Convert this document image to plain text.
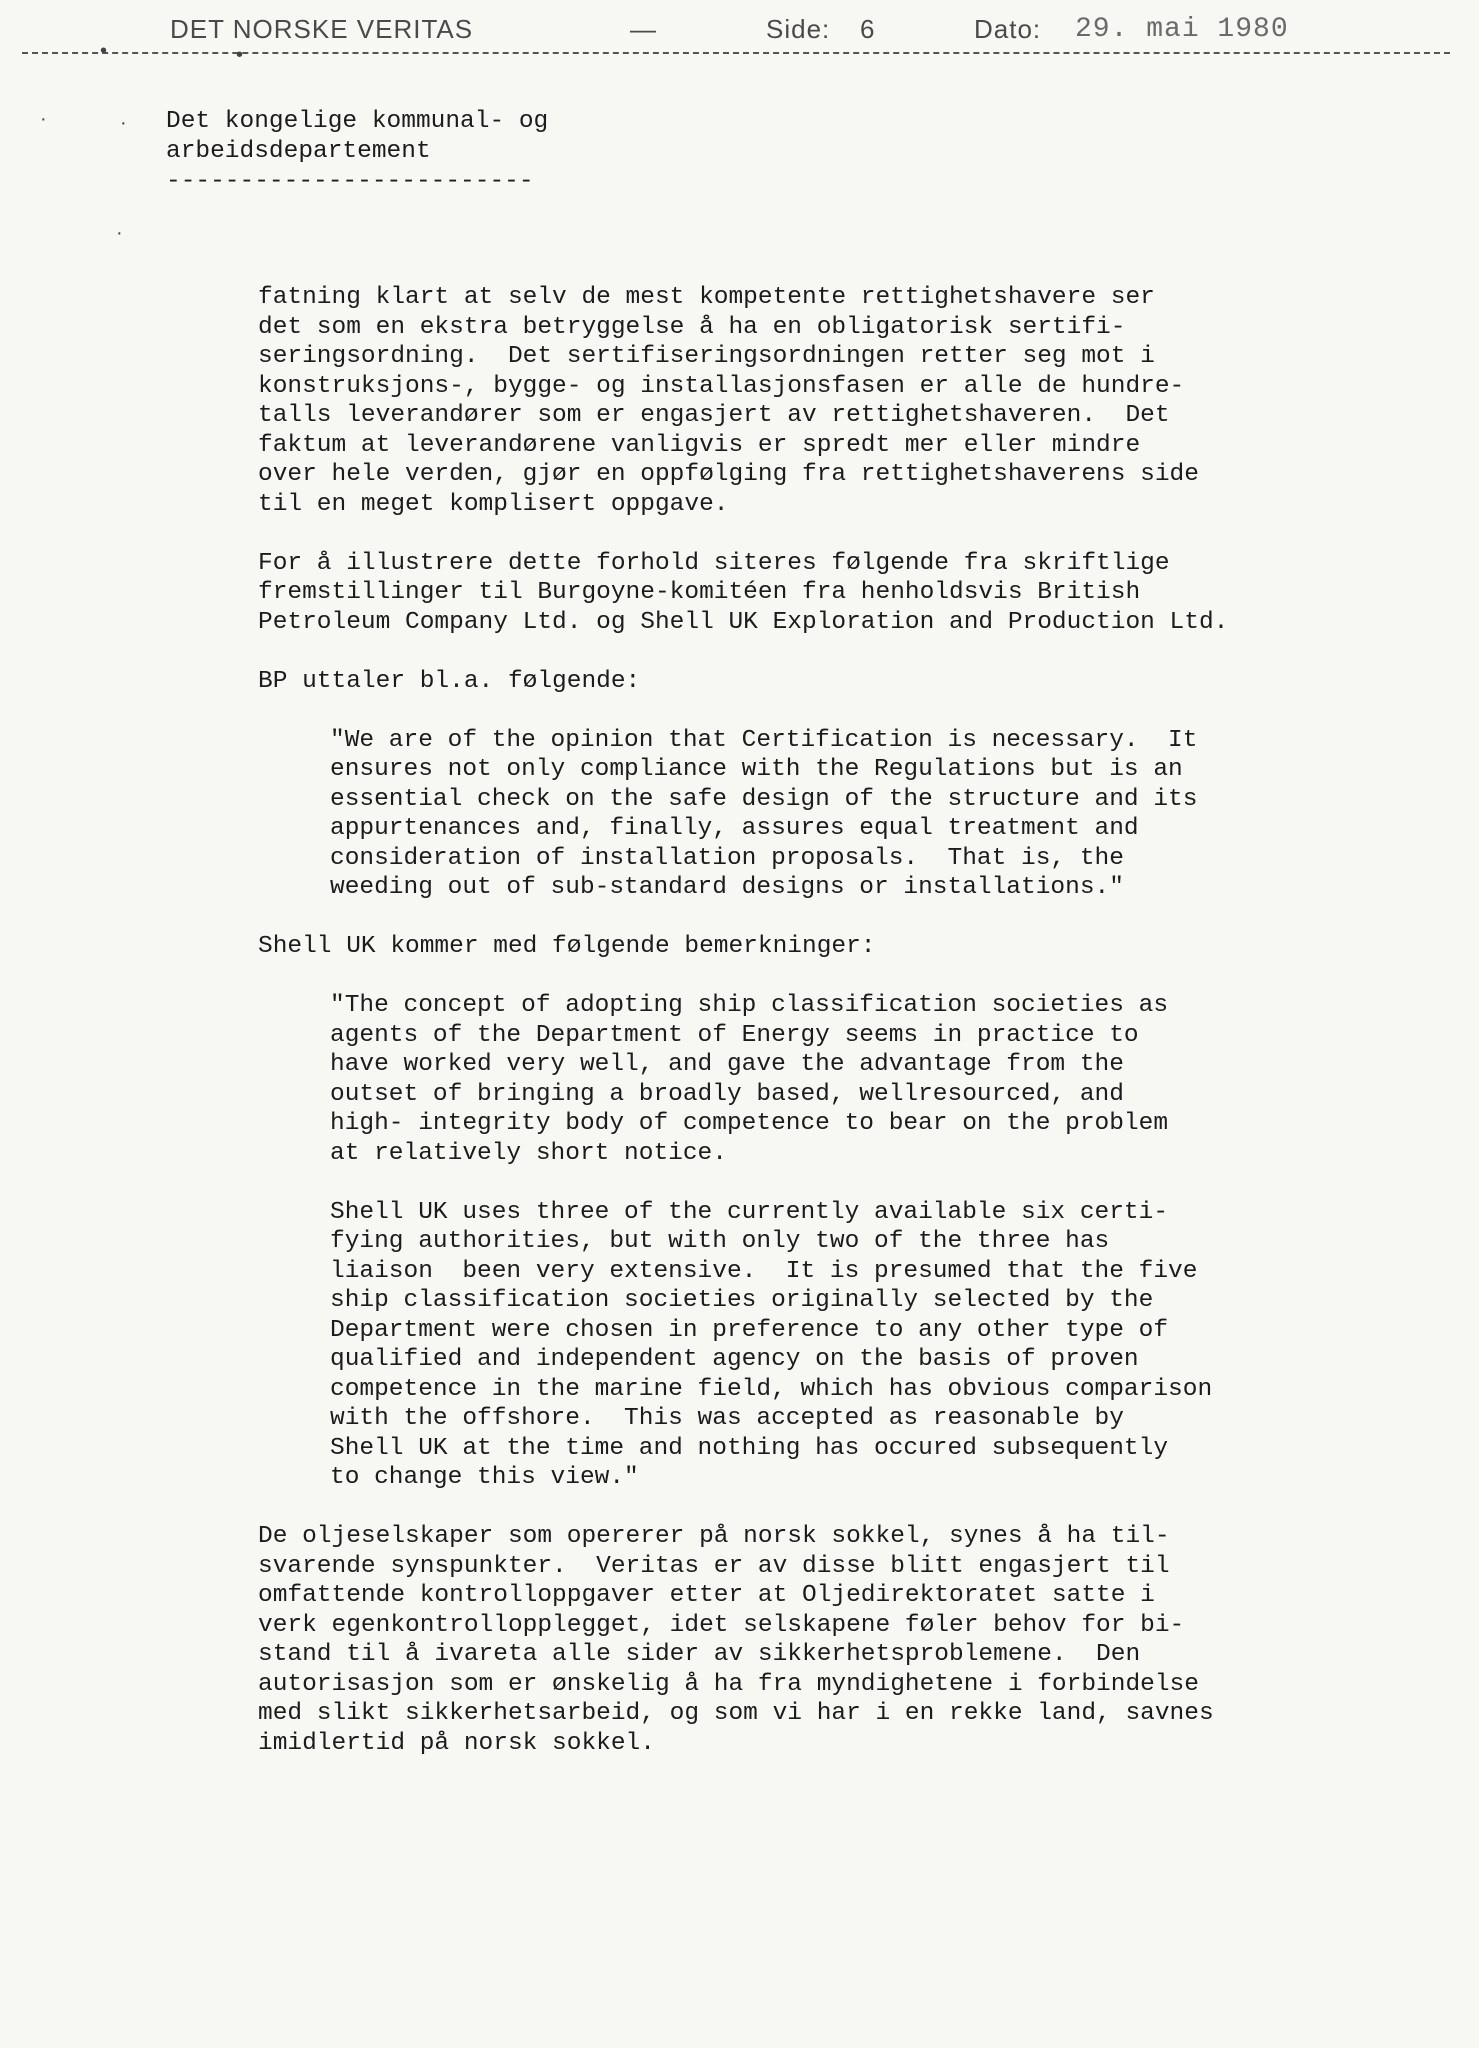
DET NORSKE VERITAS	—	Side: 6	Dato: 29. mai 1980
•	•
·	·
·

Det kongelige kommunal- og

arbeidsdepartement

-------------------------

fatning klart at selv de mest kompetente rettighetshavere ser
det som en ekstra betryggelse å ha en obligatorisk sertifi-
seringsordning.  Det sertifiseringsordningen retter seg mot i
konstruksjons-, bygge- og installasjonsfasen er alle de hundre-
talls leverandører som er engasjert av rettighetshaveren.  Det
faktum at leverandørene vanligvis er spredt mer eller mindre
over hele verden, gjør en oppfølging fra rettighetshaverens side
til en meget komplisert oppgave.

For å illustrere dette forhold siteres følgende fra skriftlige
fremstillinger til Burgoyne-komitéen fra henholdsvis British
Petroleum Company Ltd. og Shell UK Exploration and Production Ltd.

BP uttaler bl.a. følgende:

"We are of the opinion that Certification is necessary.  It
ensures not only compliance with the Regulations but is an
essential check on the safe design of the structure and its
appurtenances and, finally, assures equal treatment and
consideration of installation proposals.  That is, the
weeding out of sub-standard designs or installations."

Shell UK kommer med følgende bemerkninger:

"The concept of adopting ship classification societies as
agents of the Department of Energy seems in practice to
have worked very well, and gave the advantage from the
outset of bringing a broadly based, wellresourced, and
high- integrity body of competence to bear on the problem
at relatively short notice.

Shell UK uses three of the currently available six certi-
fying authorities, but with only two of the three has
liaison  been very extensive.  It is presumed that the five
ship classification societies originally selected by the
Department were chosen in preference to any other type of
qualified and independent agency on the basis of proven
competence in the marine field, which has obvious comparison
with the offshore.  This was accepted as reasonable by
Shell UK at the time and nothing has occured subsequently
to change this view."

De oljeselskaper som opererer på norsk sokkel, synes å ha til-
svarende synspunkter.  Veritas er av disse blitt engasjert til
omfattende kontrolloppgaver etter at Oljedirektoratet satte i
verk egenkontrollopplegget, idet selskapene føler behov for bi-
stand til å ivareta alle sider av sikkerhetsproblemene.  Den
autorisasjon som er ønskelig å ha fra myndighetene i forbindelse
med slikt sikkerhetsarbeid, og som vi har i en rekke land, savnes
imidlertid på norsk sokkel.
